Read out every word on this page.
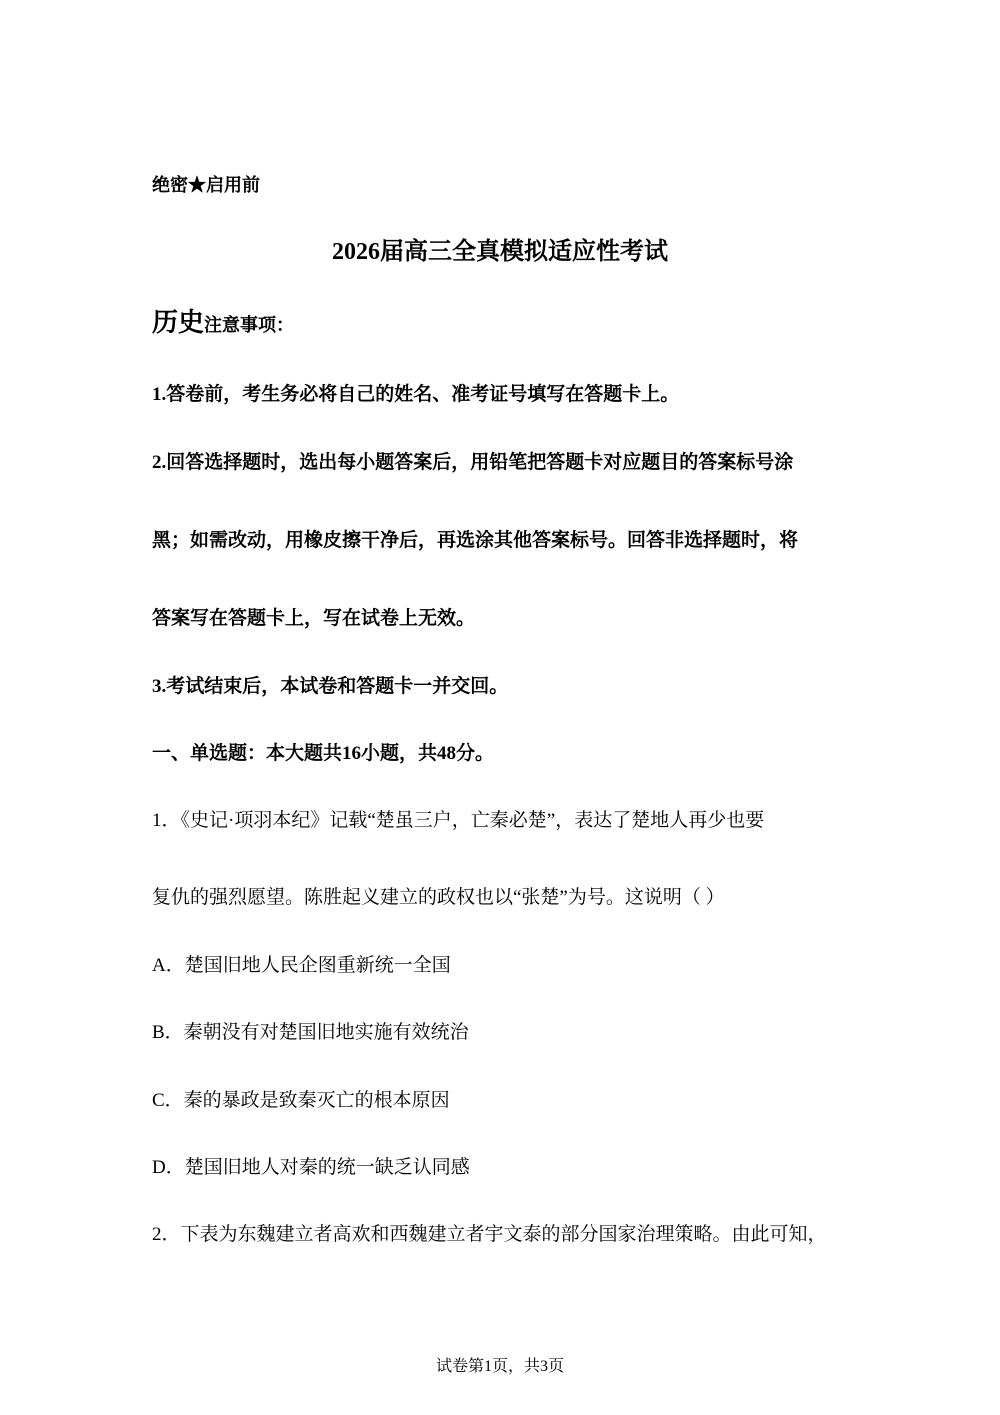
绝密★启用前
2026届高三全真模拟适应性考试
历史注意事项：
1.答卷前，考生务必将自己的姓名、准考证号填写在答题卡上。
2.回答选择题时，选出每小题答案后，用铅笔把答题卡对应题目的答案标号涂
黑；如需改动，用橡皮擦干净后，再选涂其他答案标号。回答非选择题时，将
答案写在答题卡上，写在试卷上无效。
3.考试结束后，本试卷和答题卡一并交回。
一、单选题：本大题共16小题，共48分。
1．《史记·项羽本纪》记载“楚虽三户，亡秦必楚”，表达了楚地人再少也要
复仇的强烈愿望。陈胜起义建立的政权也以“张楚”为号。这说明（ ）
A．楚国旧地人民企图重新统一全国
B．秦朝没有对楚国旧地实施有效统治
C．秦的暴政是致秦灭亡的根本原因
D．楚国旧地人对秦的统一缺乏认同感
2．下表为东魏建立者高欢和西魏建立者宇文泰的部分国家治理策略。由此可知，
试卷第1页，共3页
